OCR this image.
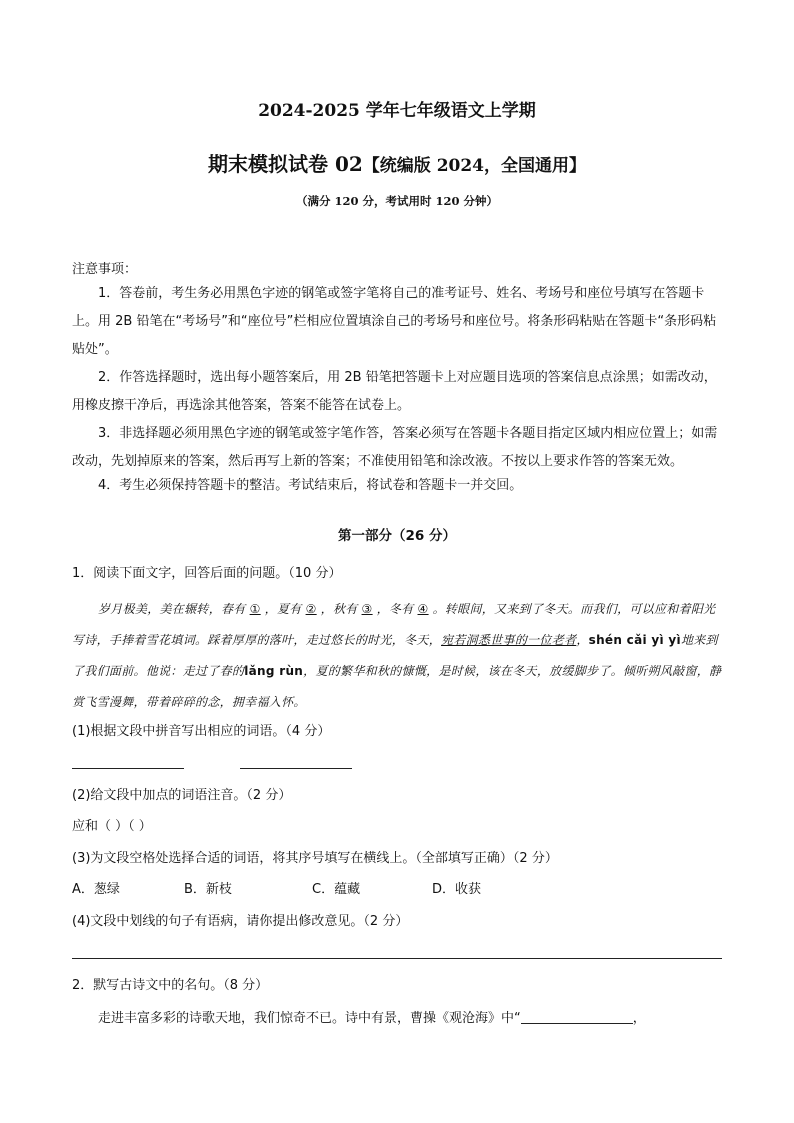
2024-2025 学年七年级语文上学期
期末模拟试卷 02【统编版 2024，全国通用】
（满分 120 分，考试用时 120 分钟）
注意事项：
1．答卷前，考生务必用黑色字迹的钢笔或签字笔将自己的准考证号、姓名、考场号和座位号填写在答题卡上。用 2B 铅笔在“考场号”和“座位号”栏相应位置填涂自己的考场号和座位号。将条形码粘贴在答题卡“条形码粘贴处”。
2．作答选择题时，选出每小题答案后，用 2B 铅笔把答题卡上对应题目选项的答案信息点涂黑；如需改动，用橡皮擦干净后，再选涂其他答案，答案不能答在试卷上。
3．非选择题必须用黑色字迹的钢笔或签字笔作答，答案必须写在答题卡各题目指定区域内相应位置上；如需改动，先划掉原来的答案，然后再写上新的答案；不准使用铅笔和涂改液。不按以上要求作答的答案无效。
4．考生必须保持答题卡的整洁。考试结束后，将试卷和答题卡一并交回。
第一部分（26 分）
1．阅读下面文字，回答后面的问题。（10 分）
岁月极美，美在辗转，春有 ① ，夏有 ② ，秋有 ③ ，冬有 ④ 。转眼间，又来到了冬天。而我们，可以应和着阳光写诗，手捧着雪花填词。踩着厚厚的落叶，走过悠长的时光，冬天，宛若洞悉世事的一位老者，shén cǎi yì yì地来到了我们面前。他说：走过了春的lǎng rùn，夏的繁华和秋的慷慨，是时候，该在冬天，放缓脚步了。倾听朔风敲窗，静赏飞雪漫舞，带着碎碎的念，拥幸福入怀。
(1)根据文段中拼音写出相应的词语。（4 分）
(2)给文段中加点的词语注音。（2 分）
应和（ ）（ ）
(3)为文段空格处选择合适的词语，将其序号填写在横线上。（全部填写正确）（2 分）
A．葱绿	B．新枝	C．蕴藏	D．收获
(4)文段中划线的句子有语病，请你提出修改意见。（2 分）
2．默写古诗文中的名句。（8 分）
走进丰富多彩的诗歌天地，我们惊奇不已。诗中有景，曹操《观沧海》中“	，
